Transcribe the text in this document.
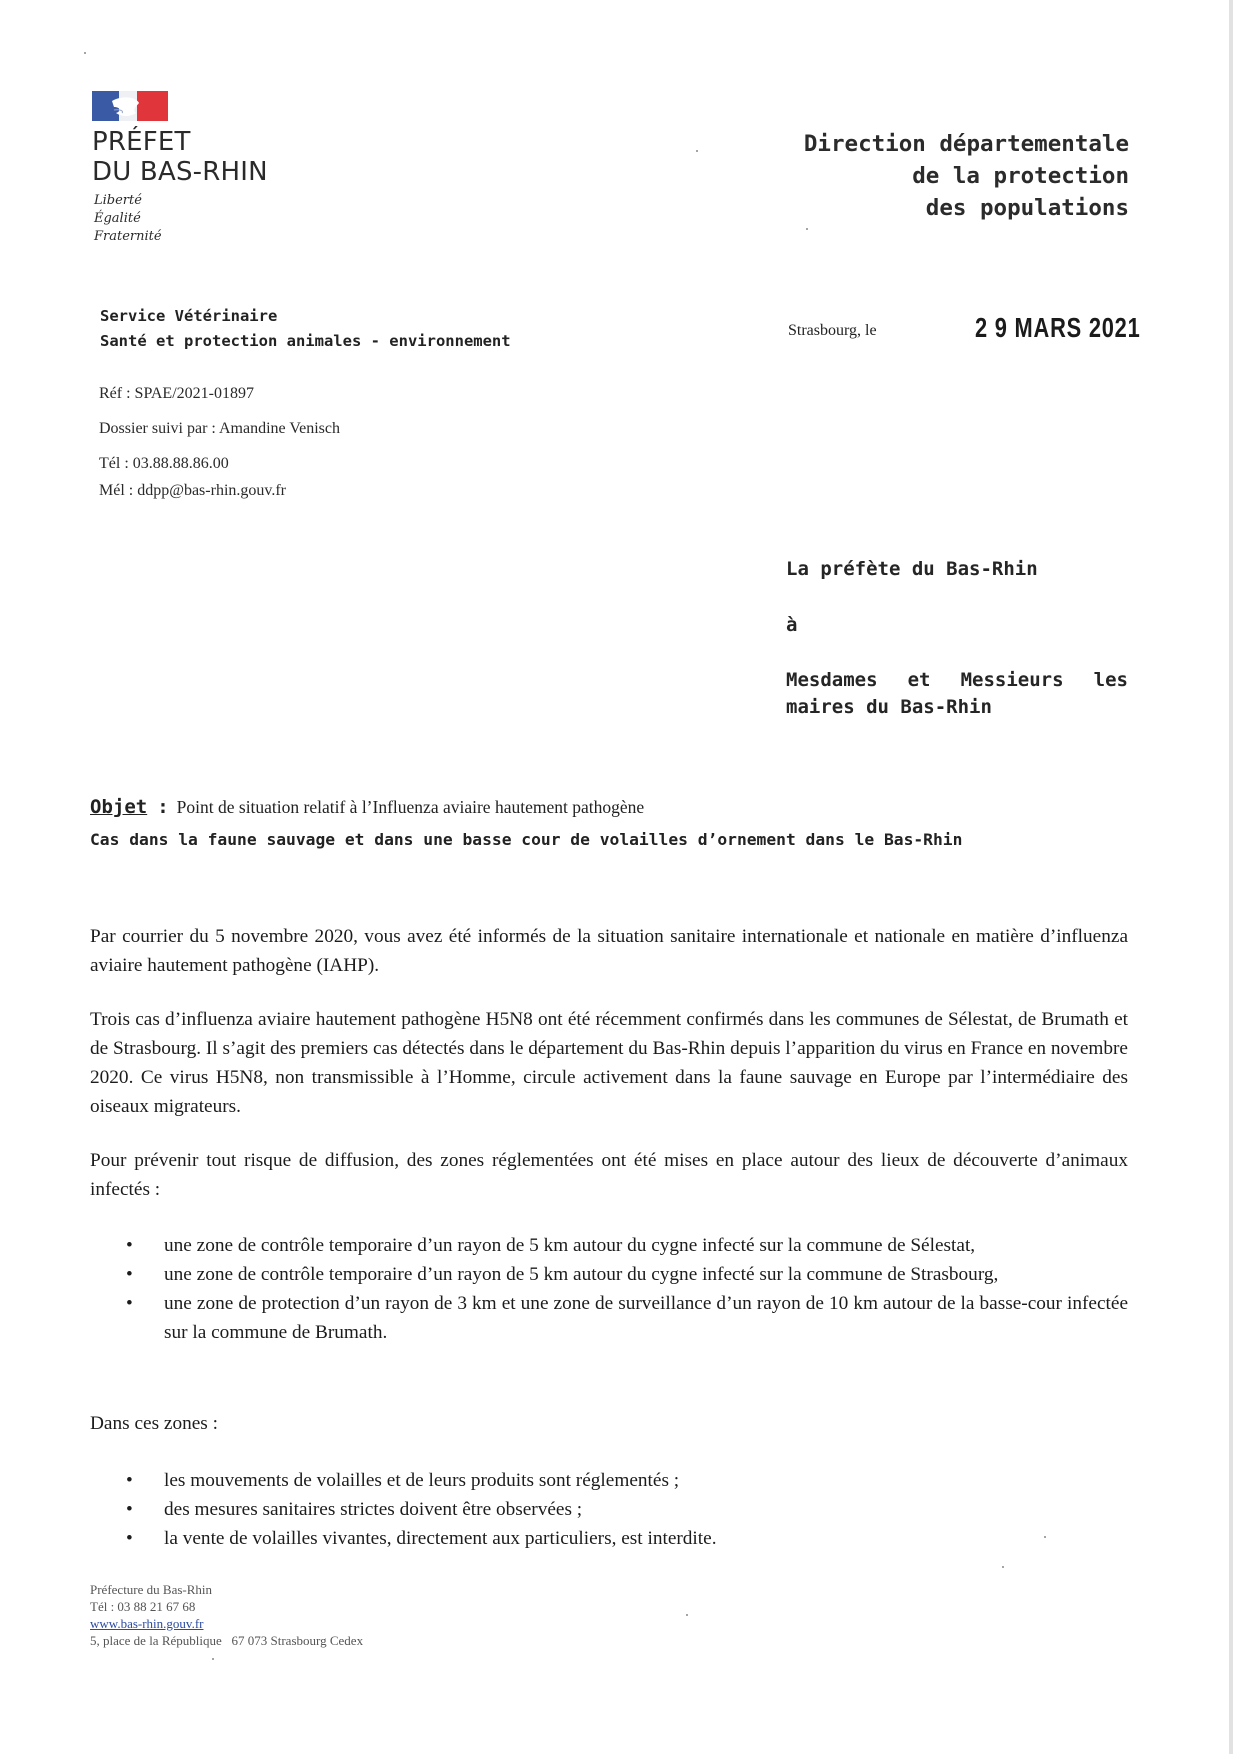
PRÉFET
DU BAS-RHIN
Liberté
Égalité
Fraternité
Direction départementale
de la protection
des populations
Service Vétérinaire
Santé et protection animales - environnement
Strasbourg, le	2 9 MARS 2021
Réf : SPAE/2021-01897
Dossier suivi par : Amandine Venisch
Tél : 03.88.88.86.00
Mél : ddpp@bas-rhin.gouv.fr
La préfète du Bas-Rhin
à
Mesdames et Messieurs les
maires du Bas-Rhin
Objet : Point de situation relatif à l’Influenza aviaire hautement pathogène
Cas dans la faune sauvage et dans une basse cour de volailles d’ornement dans le Bas-Rhin
Par courrier du 5 novembre 2020, vous avez été informés de la situation sanitaire internationale et nationale en matière d’influenza aviaire hautement pathogène (IAHP).
Trois cas d’influenza aviaire hautement pathogène H5N8 ont été récemment confirmés dans les communes de Sélestat, de Brumath et de Strasbourg. Il s’agit des premiers cas détectés dans le département du Bas-Rhin depuis l’apparition du virus en France en novembre 2020. Ce virus H5N8, non transmissible à l’Homme, circule activement dans la faune sauvage en Europe par l’intermédiaire des oiseaux migrateurs.
Pour prévenir tout risque de diffusion, des zones réglementées ont été mises en place autour des lieux de découverte d’animaux infectés :
• une zone de contrôle temporaire d’un rayon de 5 km autour du cygne infecté sur la commune de Sélestat,
• une zone de contrôle temporaire d’un rayon de 5 km autour du cygne infecté sur la commune de Strasbourg,
• une zone de protection d’un rayon de 3 km et une zone de surveillance d’un rayon de 10 km autour de la basse-cour infectée sur la commune de Brumath.
Dans ces zones :
• les mouvements de volailles et de leurs produits sont réglementés ;
• des mesures sanitaires strictes doivent être observées ;
• la vente de volailles vivantes, directement aux particuliers, est interdite.
Préfecture du Bas-Rhin
Tél : 03 88 21 67 68
www.bas-rhin.gouv.fr
5, place de la République   67 073 Strasbourg Cedex
